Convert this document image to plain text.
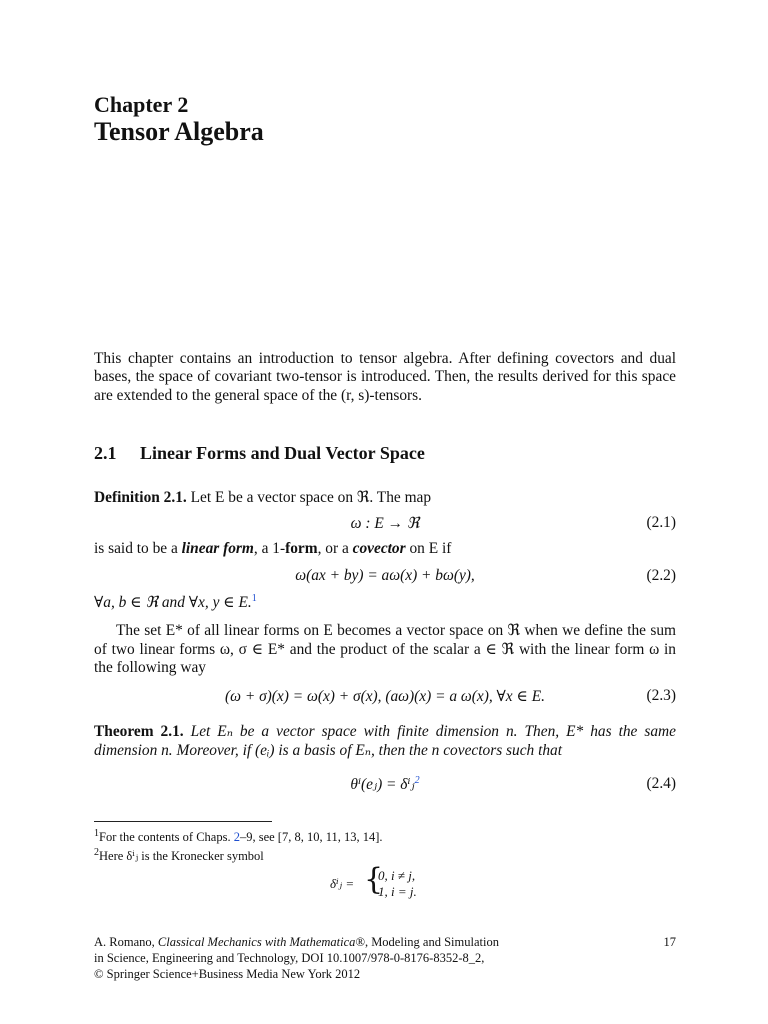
Chapter 2
Tensor Algebra
This chapter contains an introduction to tensor algebra. After defining covectors and dual bases, the space of covariant two-tensor is introduced. Then, the results derived for this space are extended to the general space of the (r, s)-tensors.
2.1 Linear Forms and Dual Vector Space
Definition 2.1. Let E be a vector space on ℜ. The map
ω : E → ℜ	(2.1)
is said to be a linear form, a 1-form, or a covector on E if
ω(ax + by) = aω(x) + bω(y),	(2.2)
∀a, b ∈ ℜ and ∀x, y ∈ E.$^1$
The set E* of all linear forms on E becomes a vector space on ℜ when we define the sum of two linear forms ω, σ ∈ E* and the product of the scalar a ∈ ℜ with the linear form ω in the following way
(ω + σ)(x) = ω(x) + σ(x), (aω)(x) = a ω(x), ∀x ∈ E.	(2.3)
Theorem 2.1. Let Eₙ be a vector space with finite dimension n. Then, E* has the same dimension n. Moreover, if (eᵢ) is a basis of Eₙ, then the n covectors such that
θⁱ(eⱼ) = δⁱⱼ$^2$	(2.4)
$^1$For the contents of Chaps. 2–9, see [7, 8, 10, 11, 13, 14].
$^2$Here δⁱⱼ is the Kronecker symbol
δⁱⱼ = {
0, i ≠ j,
1, i = j.
A. Romano, Classical Mechanics with Mathematica®, Modeling and Simulation
in Science, Engineering and Technology, DOI 10.1007/978-0-8176-8352-8_2,
© Springer Science+Business Media New York 2012
17
